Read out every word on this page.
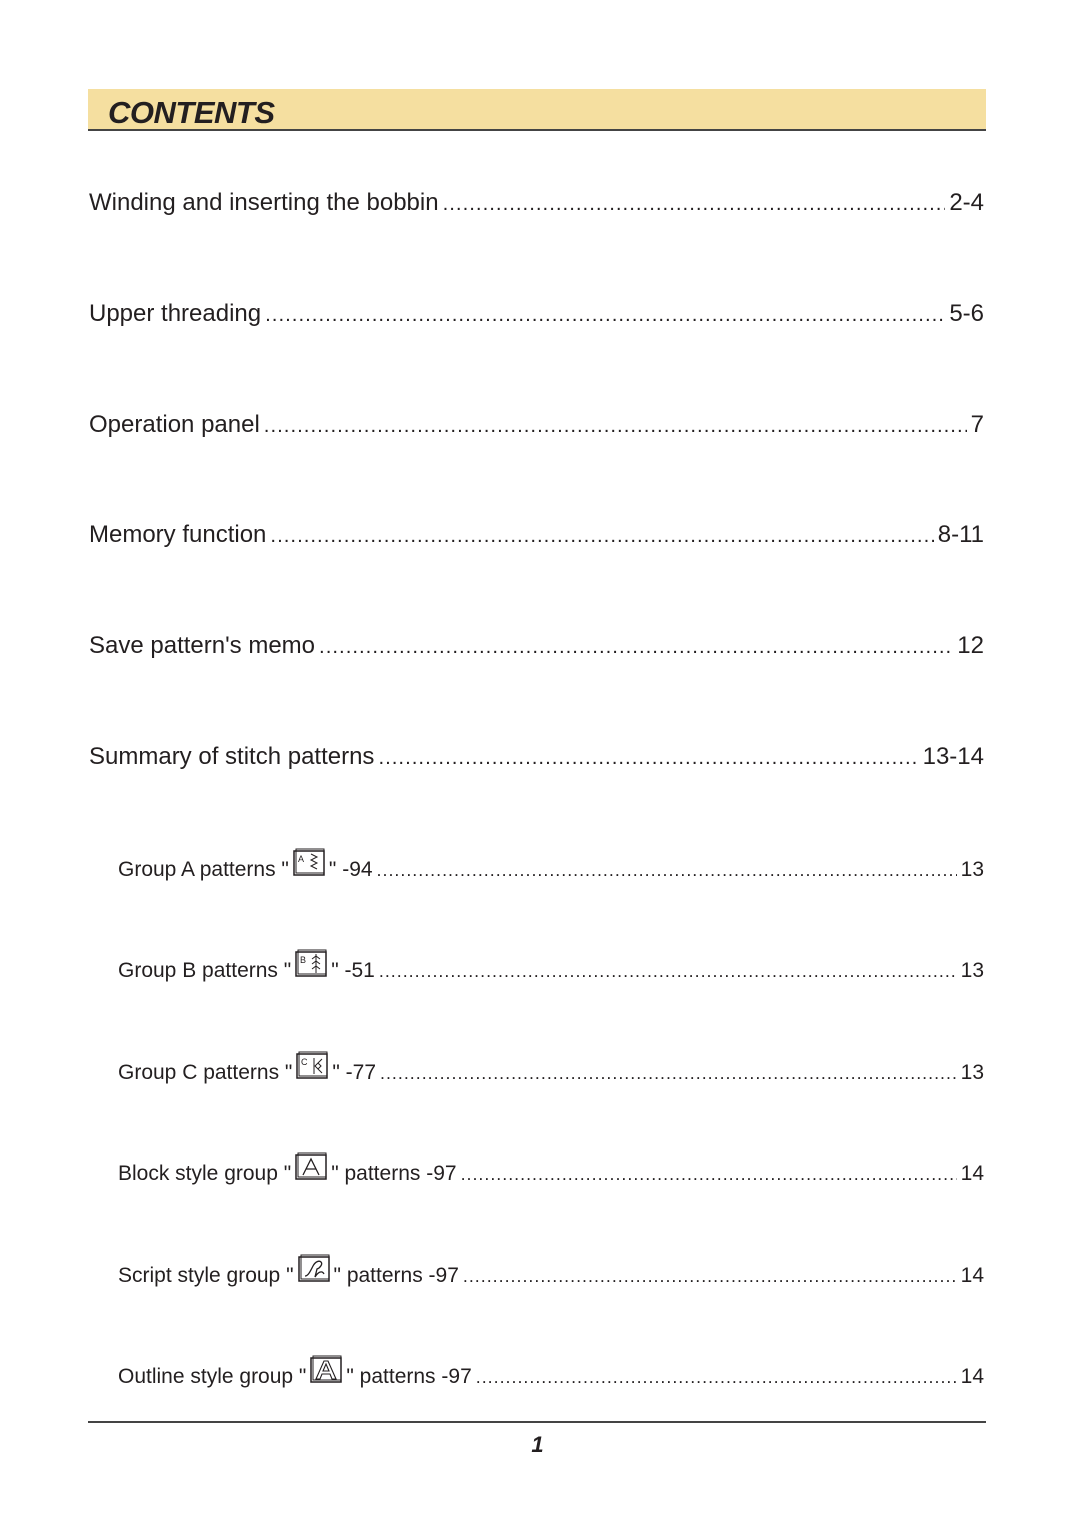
CONTENTS
Winding and inserting the bobbin .....	2-4
Upper threading .....	5-6
Operation panel .....	7
Memory function .....	8-11
Save pattern's memo .....	12
Summary of stitch patterns .....	13-14
Group A patterns " A " -94 .....	13
Group B patterns " B " -51 .....	13
Group C patterns " C " -77 .....	13
Block style group " " patterns -97 .....	14
Script style group " " patterns -97 .....	14
Outline style group " " patterns -97 .....	14
1
